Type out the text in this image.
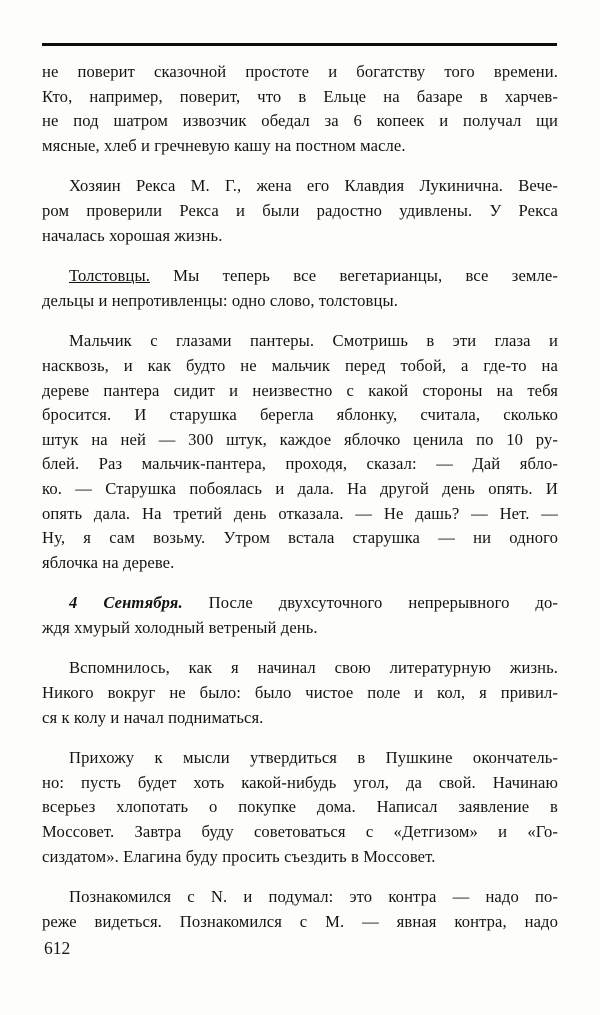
не поверит сказочной простоте и богатству того времени.
Кто, например, поверит, что в Ельце на базаре в харчев-
не под шатром извозчик обедал за 6 копеек и получал щи
мясные, хлеб и гречневую кашу на постном масле.
Хозяин Рекса М. Г., жена его Клавдия Лукинична. Вече-
ром проверили Рекса и были радостно удивлены. У Рекса
началась хорошая жизнь.
Толстовцы. Мы теперь все вегетарианцы, все земле-
дельцы и непротивленцы: одно слово, толстовцы.
Мальчик с глазами пантеры. Смотришь в эти глаза и
насквозь, и как будто не мальчик перед тобой, а где-то на
дереве пантера сидит и неизвестно с какой стороны на тебя
бросится. И старушка берегла яблонку, считала, сколько
штук на ней — 300 штук, каждое яблочко ценила по 10 ру-
блей. Раз мальчик-пантера, проходя, сказал: — Дай ябло-
ко. — Старушка побоялась и дала. На другой день опять. И
опять дала. На третий день отказала. — Не дашь? — Нет. —
Ну, я сам возьму. Утром встала старушка — ни одного
яблочка на дереве.
4 Сентября. После двухсуточного непрерывного до-
ждя хмурый холодный ветреный день.
Вспомнилось, как я начинал свою литературную жизнь.
Никого вокруг не было: было чистое поле и кол, я привил-
ся к колу и начал подниматься.
Прихожу к мысли утвердиться в Пушкине окончатель-
но: пусть будет хоть какой-нибудь угол, да свой. Начинаю
всерьез хлопотать о покупке дома. Написал заявление в
Моссовет. Завтра буду советоваться с «Детгизом» и «Го-
сиздатом». Елагина буду просить съездить в Моссовет.
Познакомился с N. и подумал: это контра — надо по-
реже видеться. Познакомился с М. — явная контра, надо
612
